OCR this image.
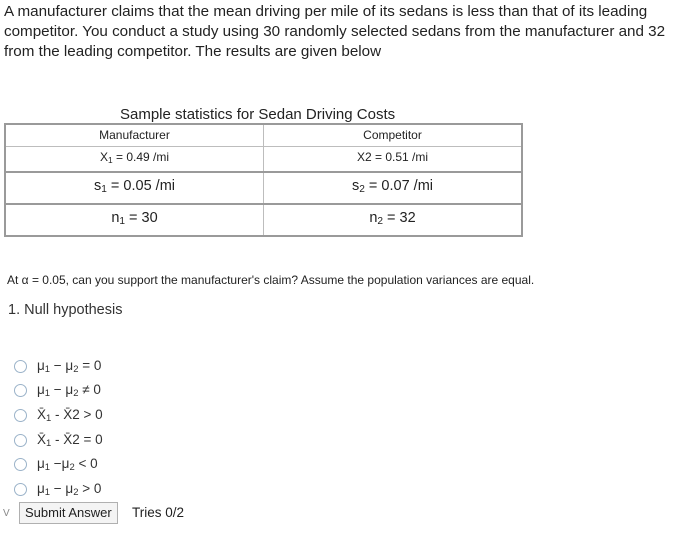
A manufacturer claims that the mean driving per mile of its sedans is less than that of its leading competitor. You conduct a study using 30 randomly selected sedans from the manufacturer and 32 from the leading competitor. The results are given below
Sample statistics for Sedan Driving Costs
Manufacturer	Competitor
$X_1 = 0.49$ /mi	X2 = 0.51 /mi
$s_1 = 0.05$ /mi	$s_2 = 0.07$ /mi
$n_1 = 30$	$n_2 = 32$
At α = 0.05, can you support the manufacturer's claim? Assume the population variances are equal.
1. Null hypothesis
$\mu_1 - \mu_2 = 0$
$\mu_1 - \mu_2 \ne 0$
$X̄_1$ - X̄2 > 0
$X̄_1$ - X̄2 = 0
$\mu_1 -\mu_2 < 0$
$\mu_1 - \mu_2 > 0$
V	Submit Answer	Tries 0/2
